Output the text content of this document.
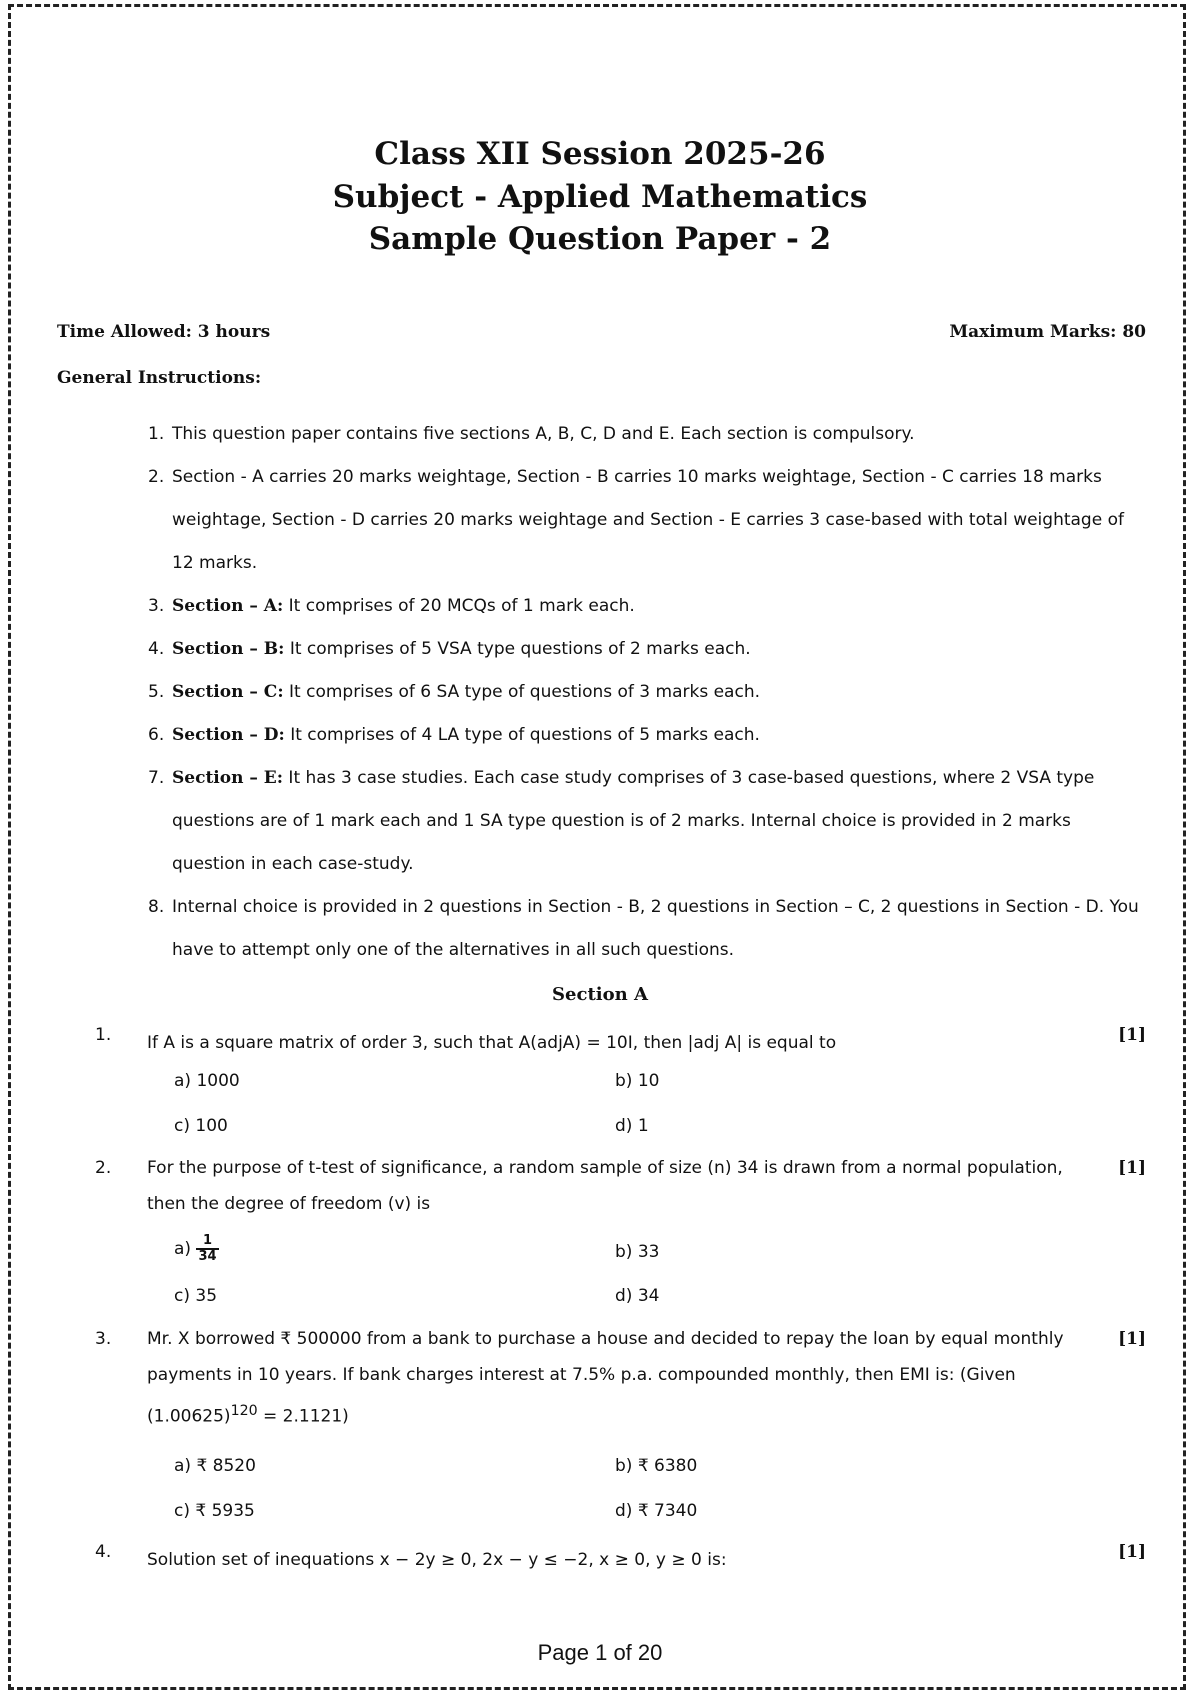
Class XII Session 2025-26
Subject - Applied Mathematics
Sample Question Paper - 2
Time Allowed: 3 hours	Maximum Marks: 80
General Instructions:
1. This question paper contains five sections A, B, C, D and E. Each section is compulsory.
2. Section - A carries 20 marks weightage, Section - B carries 10 marks weightage, Section - C carries 18 marks weightage, Section - D carries 20 marks weightage and Section - E carries 3 case-based with total weightage of 12 marks.
3. Section – A: It comprises of 20 MCQs of 1 mark each.
4. Section – B: It comprises of 5 VSA type questions of 2 marks each.
5. Section – C: It comprises of 6 SA type of questions of 3 marks each.
6. Section – D: It comprises of 4 LA type of questions of 5 marks each.
7. Section – E: It has 3 case studies. Each case study comprises of 3 case-based questions, where 2 VSA type questions are of 1 mark each and 1 SA type question is of 2 marks. Internal choice is provided in 2 marks question in each case-study.
8. Internal choice is provided in 2 questions in Section - B, 2 questions in Section – C, 2 questions in Section - D. You have to attempt only one of the alternatives in all such questions.
Section A
1. If A is a square matrix of order 3, such that A(adjA) = 10I, then |adj A| is equal to	[1]
a) 1000	b) 10
c) 100	d) 1
2. For the purpose of t-test of significance, a random sample of size (n) 34 is drawn from a normal population, then the degree of freedom (v) is
[1]
$a) \frac{1}{34}$	b) 33
c) 35	d) 34
3. Mr. X borrowed ₹ 500000 from a bank to purchase a house and decided to repay the loan by equal monthly payments in 10 years. If bank charges interest at 7.5% p.a. compounded monthly, then EMI is: (Given $(1.00625)^{120} = 2.1121$)
[1]
a) ₹ 8520	b) ₹ 6380
c) ₹ 5935	d) ₹ 7340
4. Solution set of inequations x − 2y ≥ 0, 2x − y ≤ −2, x ≥ 0, y ≥ 0 is:	[1]
Page 1 of 20
